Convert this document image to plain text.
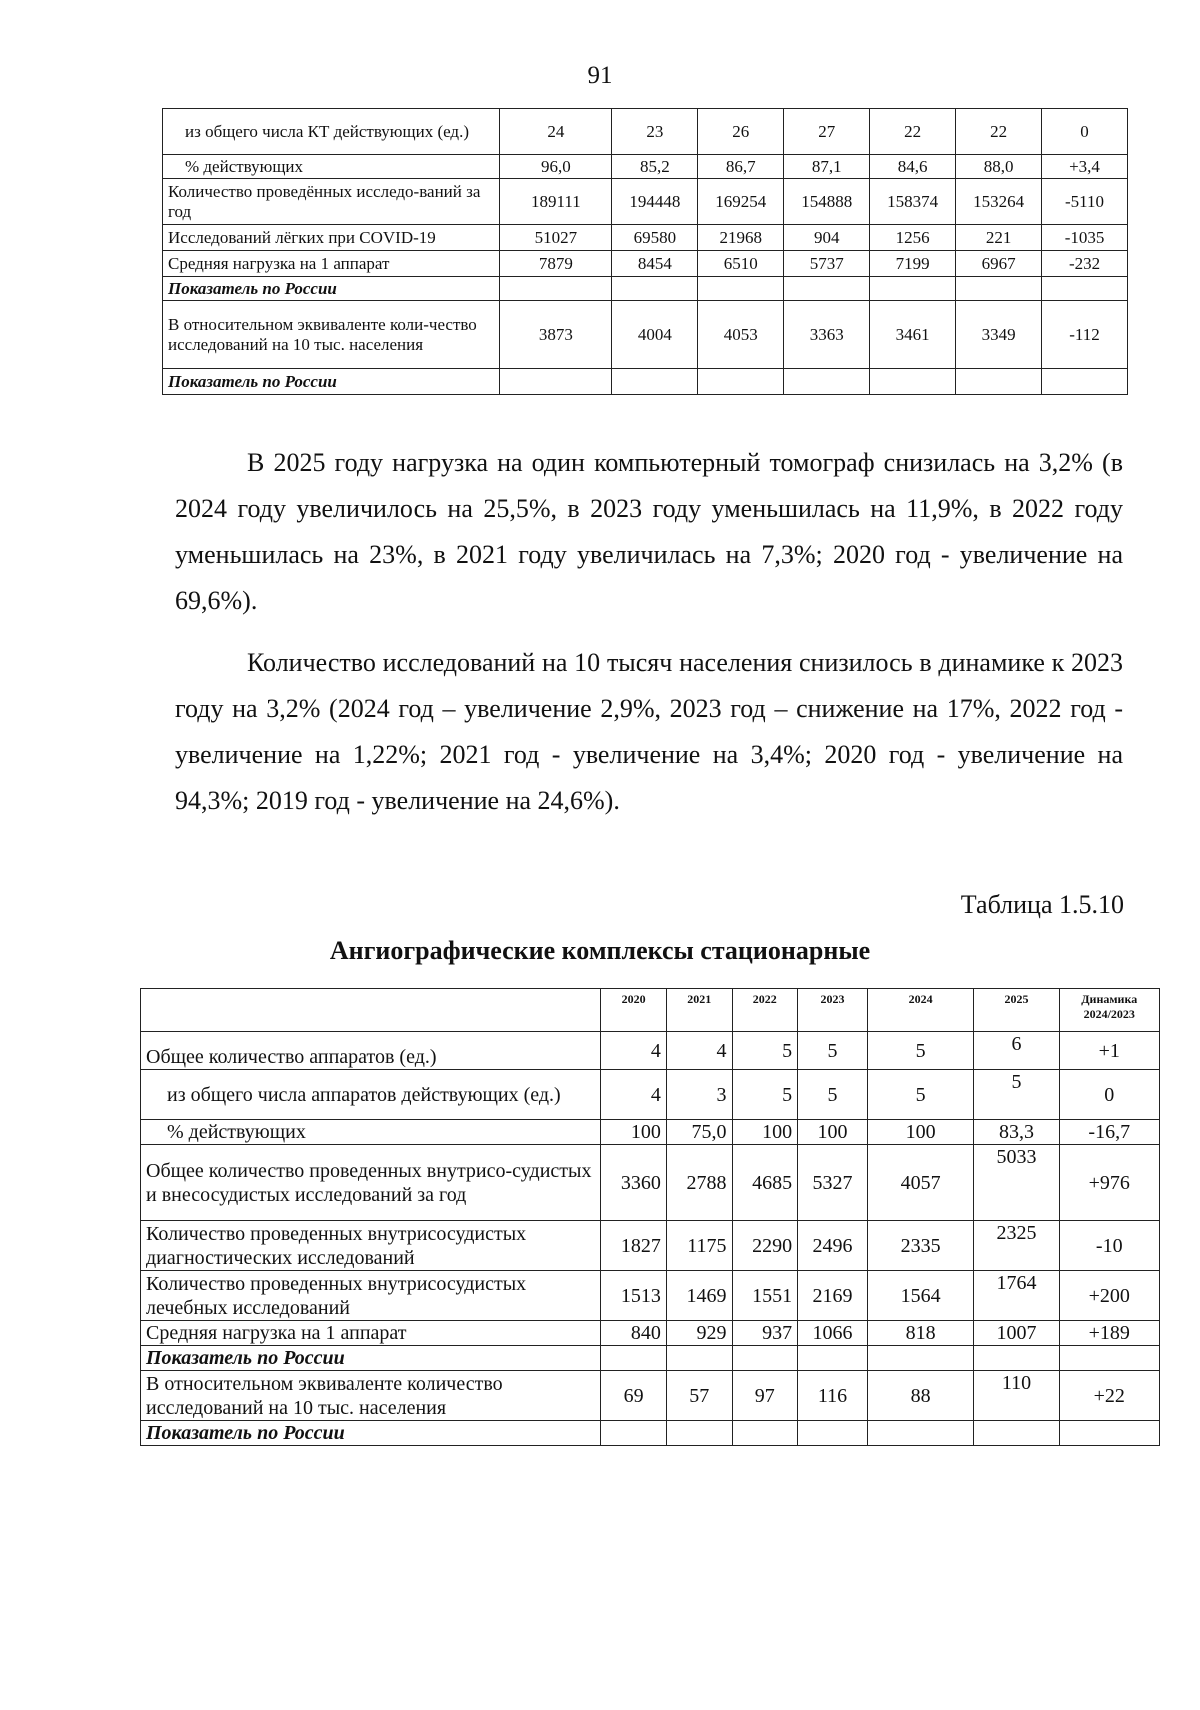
91
из общего числа КТ действующих (ед.)	24	23	26	27	22	22	0
% действующих	96,0	85,2	86,7	87,1	84,6	88,0	+3,4
Количество проведённых исследо-ваний за год	189111	194448	169254	154888	158374	153264	-5110
Исследований лёгких при COVID-19	51027	69580	21968	904	1256	221	-1035
Средняя нагрузка на 1 аппарат	7879	8454	6510	5737	7199	6967	-232
Показатель по России							
В относительном эквиваленте коли-чество исследований на 10 тыс. населения	3873	4004	4053	3363	3461	3349	-112
Показатель по России							

В 2025 году нагрузка на один компьютерный томограф снизилась на 3,2% (в 2024 году увеличилось на 25,5%, в 2023 году уменьшилась на 11,9%, в 2022 году уменьшилась на 23%, в 2021 году увеличилась на 7,3%; 2020 год - увеличение на 69,6%).

Количество исследований на 10 тысяч населения снизилось в динамике к 2023 году на 3,2% (2024 год – увеличение 2,9%, 2023 год – снижение на 17%, 2022 год - увеличение на 1,22%; 2021 год - увеличение на 3,4%; 2020 год - увеличение на 94,3%; 2019 год - увеличение на 24,6%).

Таблица 1.5.10
Ангиографические комплексы стационарные
	2020	2021	2022	2023	2024	2025	Динамика 2024/2023
Общее количество аппаратов (ед.)	4	4	5	5	5	6	+1
из общего числа аппаратов действующих (ед.)	4	3	5	5	5	5	0
% действующих	100	75,0	100	100	100	83,3	-16,7
Общее количество проведенных внутрисо-судистых и внесосудистых исследований за год	3360	2788	4685	5327	4057	5033	+976
Количество проведенных внутрисосудистых диагностических исследований	1827	1175	2290	2496	2335	2325	-10
Количество проведенных внутрисосудистых лечебных исследований	1513	1469	1551	2169	1564	1764	+200
Средняя нагрузка на 1 аппарат	840	929	937	1066	818	1007	+189
Показатель по России							
В относительном эквиваленте количество исследований на 10 тыс. населения	69	57	97	116	88	110	+22
Показатель по России							
